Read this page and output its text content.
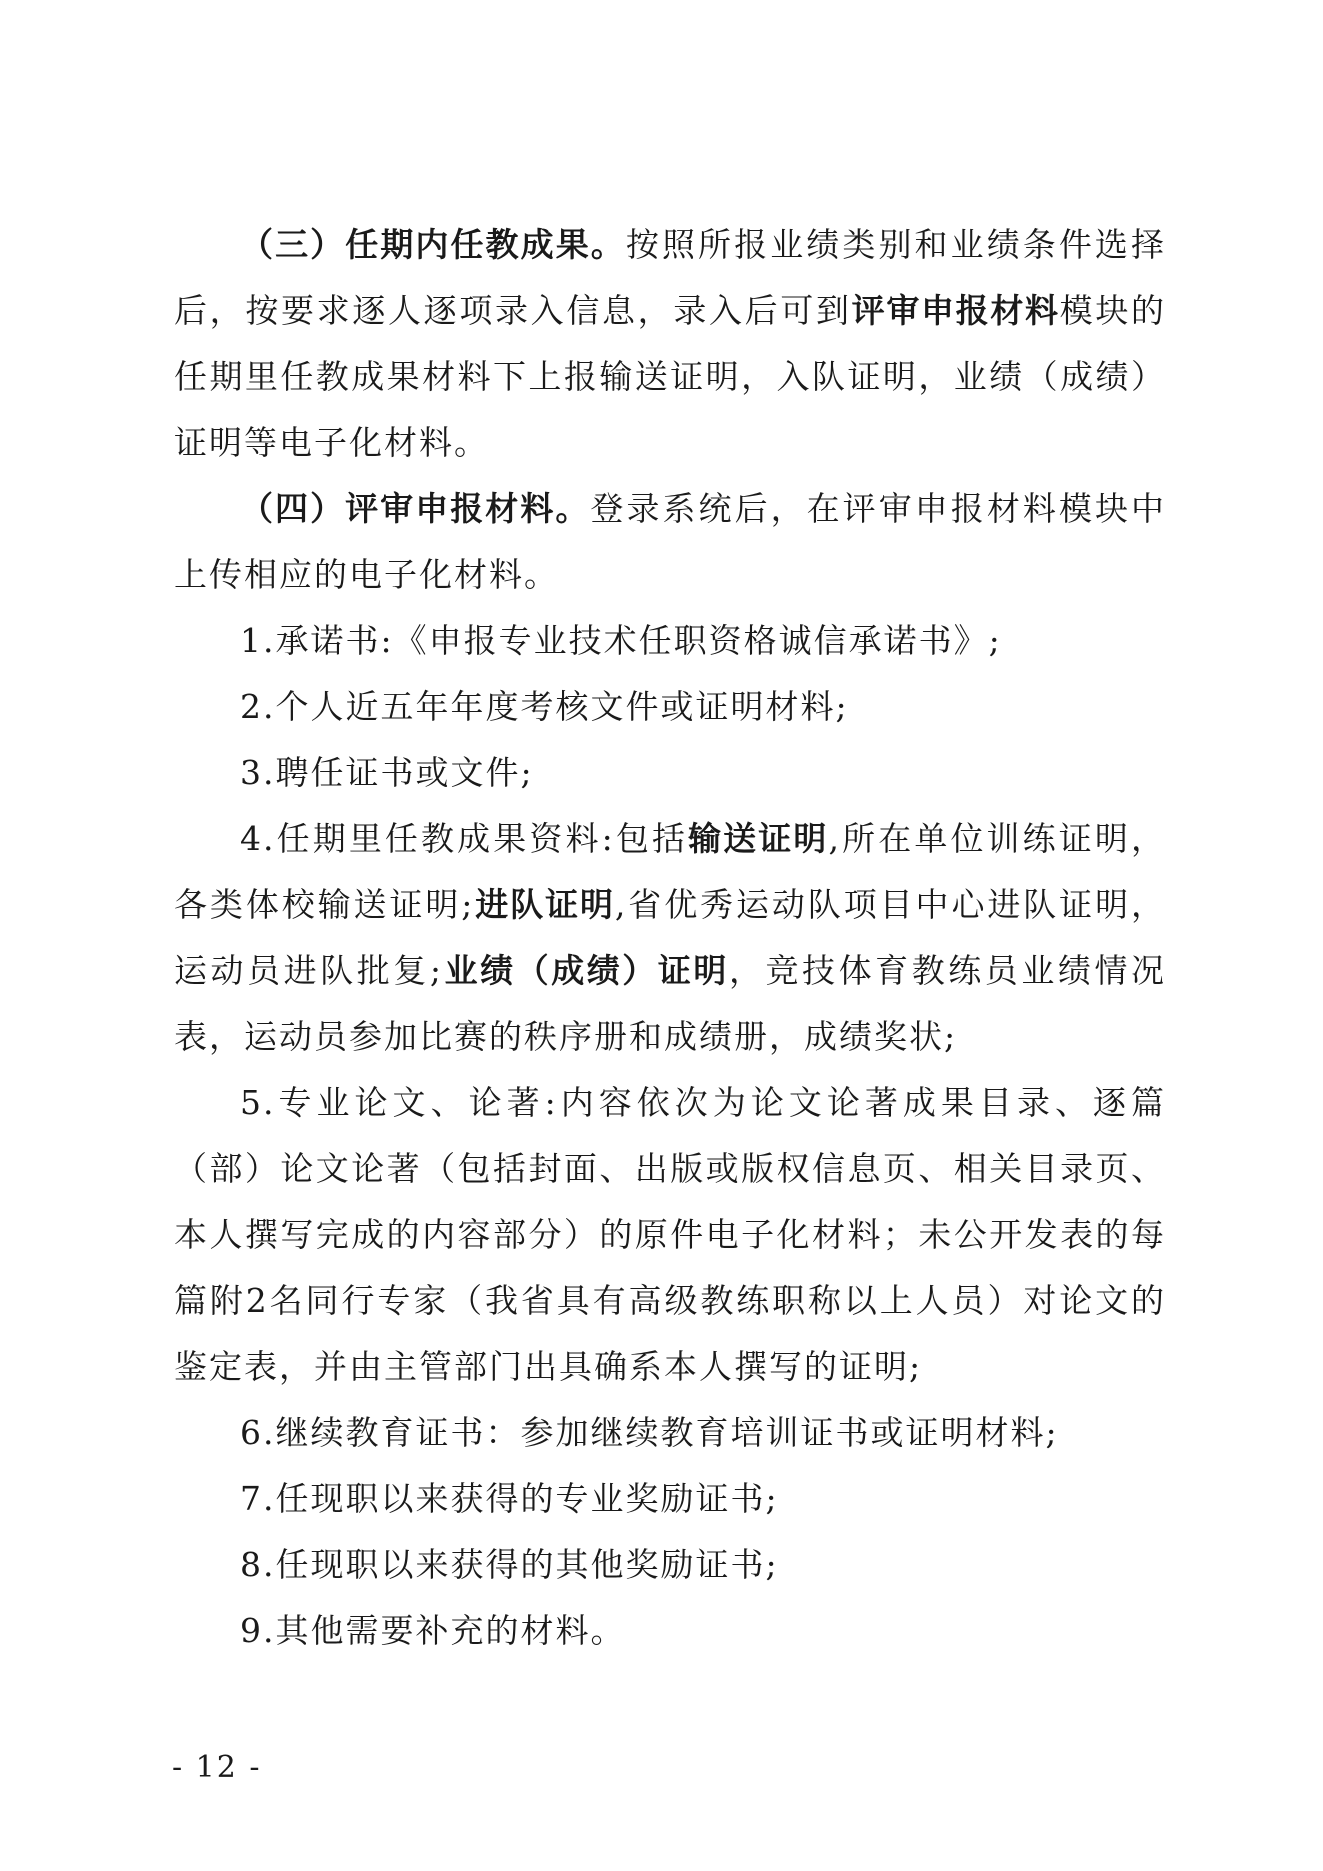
（三）任期内任教成果。按照所报业绩类别和业绩条件选择后，按要求逐人逐项录入信息，录入后可到评审申报材料模块的任期里任教成果材料下上报输送证明，入队证明，业绩（成绩）证明等电子化材料。

（四）评审申报材料。登录系统后，在评审申报材料模块中上传相应的电子化材料。

1.承诺书:《申报专业技术任职资格诚信承诺书》;

2.个人近五年年度考核文件或证明材料;

3.聘任证书或文件;

4.任期里任教成果资料:包括输送证明,所在单位训练证明，各类体校输送证明;进队证明,省优秀运动队项目中心进队证明，运动员进队批复;业绩（成绩）证明，竞技体育教练员业绩情况表，运动员参加比赛的秩序册和成绩册，成绩奖状;

5.专业论文、论著:内容依次为论文论著成果目录、逐篇（部）论文论著（包括封面、出版或版权信息页、相关目录页、本人撰写完成的内容部分）的原件电子化材料；未公开发表的每篇附2名同行专家（我省具有高级教练职称以上人员）对论文的鉴定表，并由主管部门出具确系本人撰写的证明;

6.继续教育证书：参加继续教育培训证书或证明材料;

7.任现职以来获得的专业奖励证书;

8.任现职以来获得的其他奖励证书;

9.其他需要补充的材料。

- 12 -
